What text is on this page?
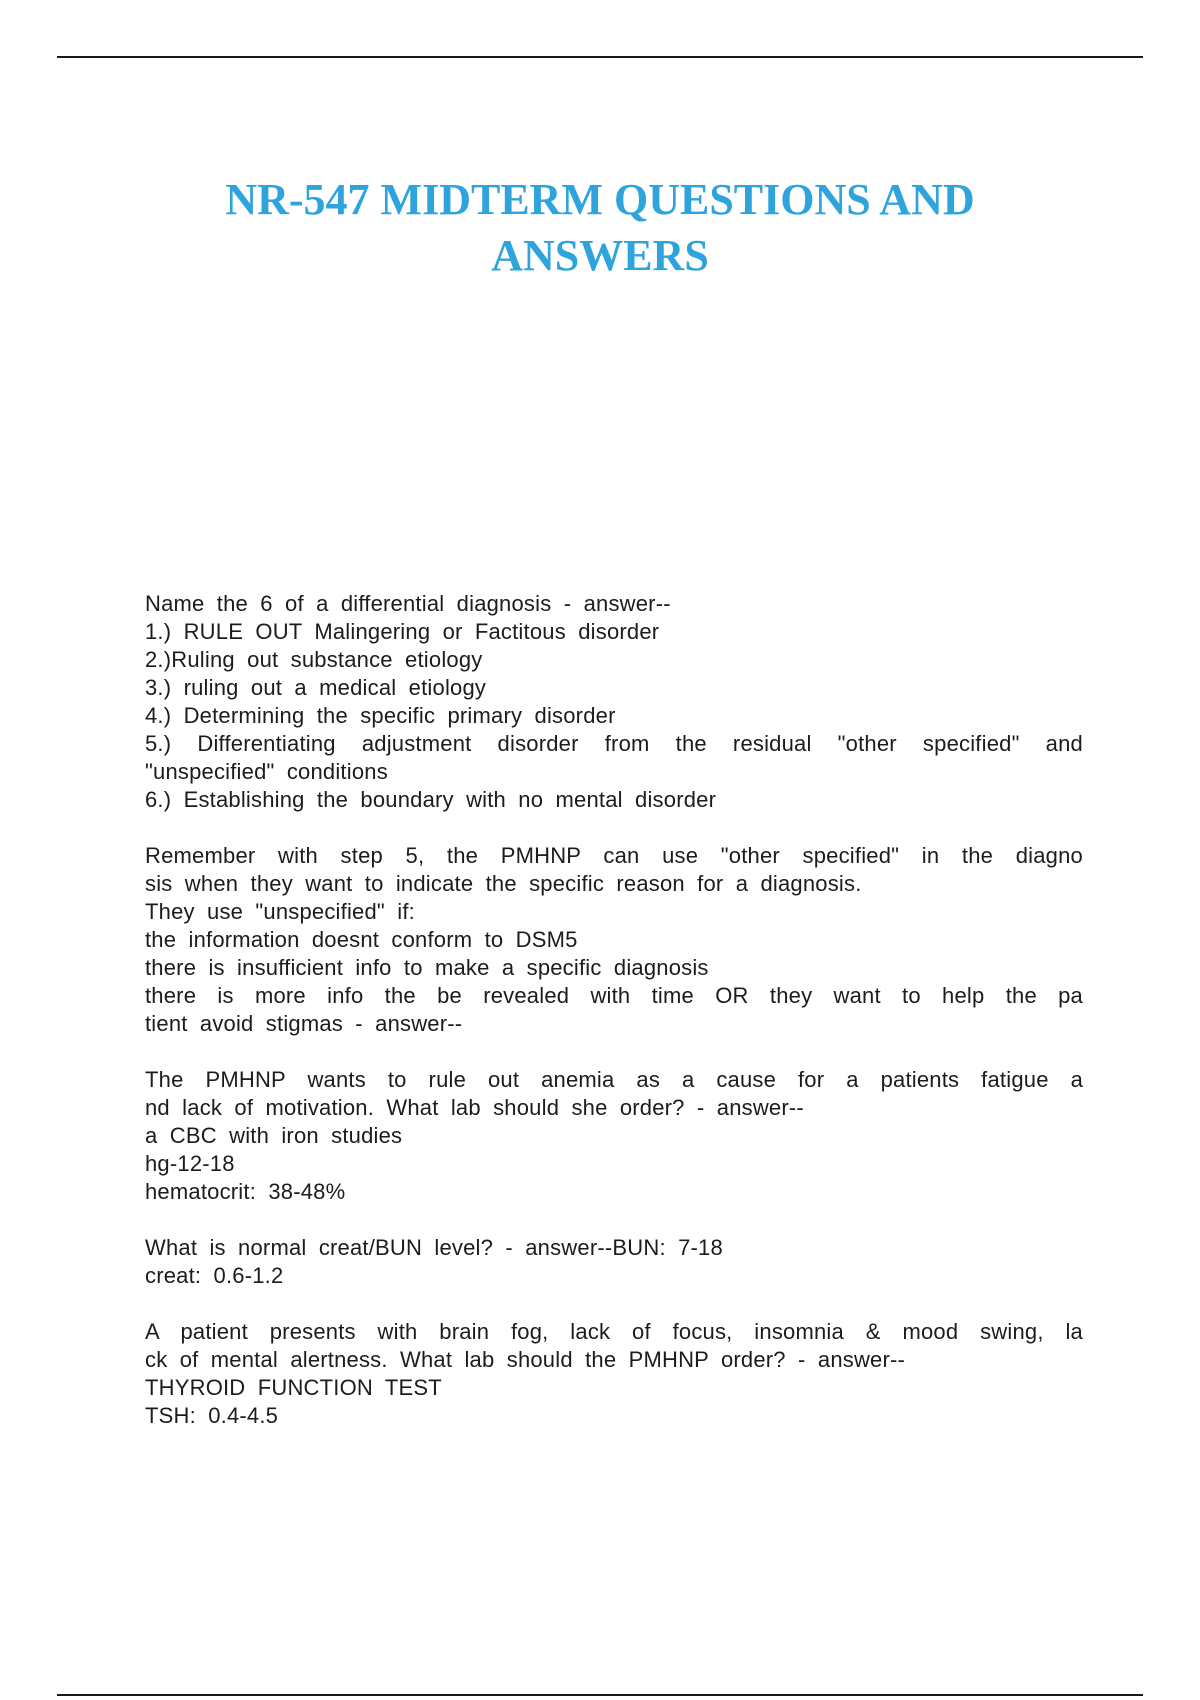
NR-547 MIDTERM QUESTIONS AND
ANSWERS
Name the 6 of a differential diagnosis - answer--
1.) RULE OUT Malingering or Factitous disorder
2.)Ruling out substance etiology
3.) ruling out a medical etiology
4.) Determining the specific primary disorder
5.) Differentiating adjustment disorder from the residual "other specified" and
"unspecified" conditions
6.) Establishing the boundary with no mental disorder
Remember with step 5, the PMHNP can use "other specified" in the diagno
sis when they want to indicate the specific reason for a diagnosis.
They use "unspecified" if:
the information doesnt conform to DSM5
there is insufficient info to make a specific diagnosis
there is more info the be revealed with time OR they want to help the pa
tient avoid stigmas - answer--
The PMHNP wants to rule out anemia as a cause for a patients fatigue a
nd lack of motivation. What lab should she order? - answer--
a CBC with iron studies
hg-12-18
hematocrit: 38-48%
What is normal creat/BUN level? - answer--BUN: 7-18
creat: 0.6-1.2
A patient presents with brain fog, lack of focus, insomnia & mood swing, la
ck of mental alertness. What lab should the PMHNP order? - answer--
THYROID FUNCTION TEST
TSH: 0.4-4.5
